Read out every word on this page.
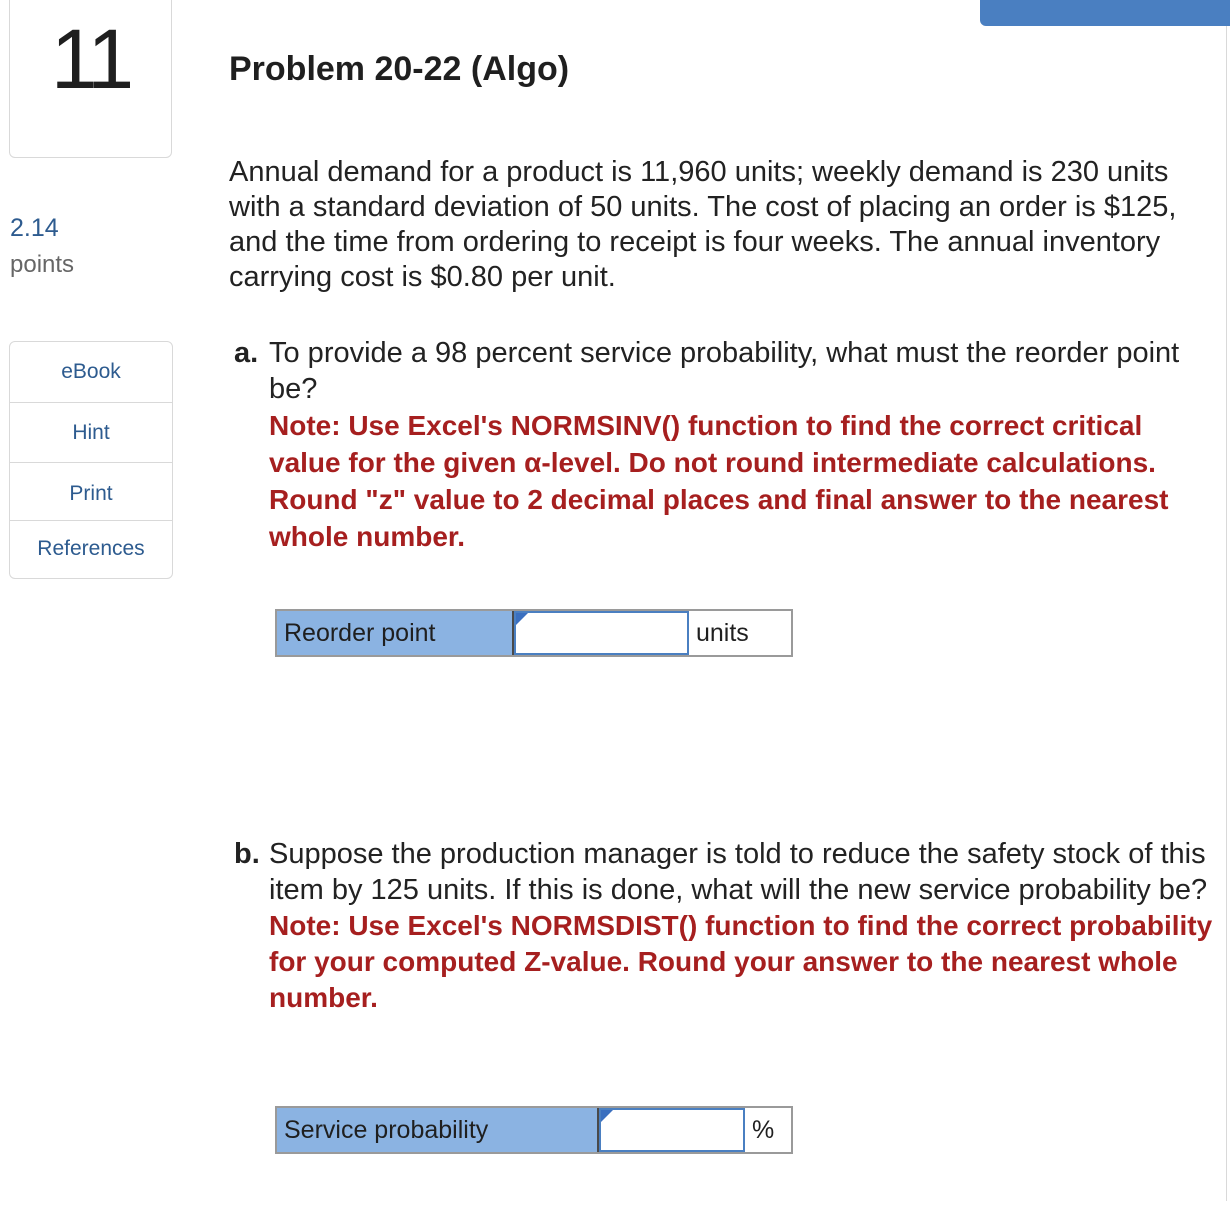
11
2.14
points
eBook
Hint
Print
References
Problem 20-22 (Algo)

Annual demand for a product is 11,960 units; weekly demand is 230 units with a standard deviation of 50 units. The cost of placing an order is $125, and the time from ordering to receipt is four weeks. The annual inventory carrying cost is $0.80 per unit.

a. To provide a 98 percent service probability, what must the reorder point be?
Note: Use Excel's NORMSINV() function to find the correct critical value for the given α-level. Do not round intermediate calculations. Round "z" value to 2 decimal places and final answer to the nearest whole number.
Reorder point	units
b. Suppose the production manager is told to reduce the safety stock of this item by 125 units. If this is done, what will the new service probability be?
Note: Use Excel's NORMSDIST() function to find the correct probability for your computed Z-value. Round your answer to the nearest whole number.
Service probability	%
